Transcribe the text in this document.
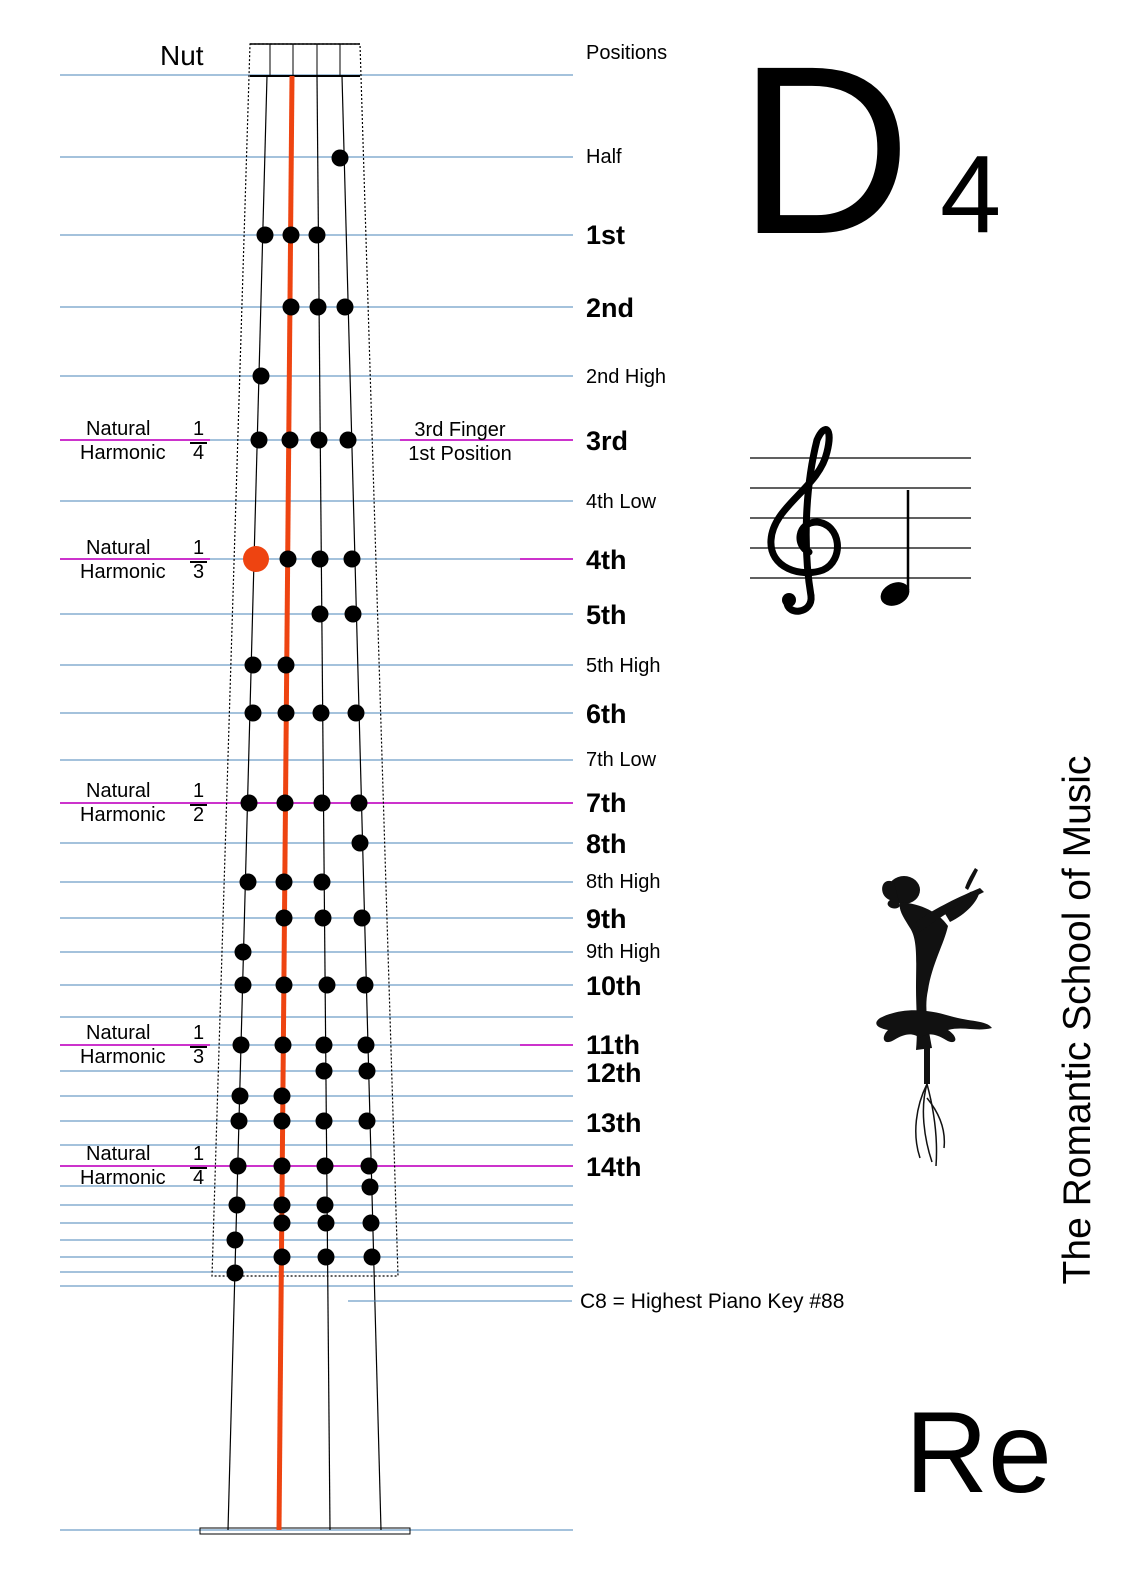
Nut	Positions
Half
1st
2nd
2nd High
3rd
4th Low
4th
5th
5th High
6th
7th Low
7th
8th
8th High
9th
9th High
10th
11th
12th
13th
14th
Natural
Harmonic
1
4
Natural
Harmonic
1
3
Natural
Harmonic
1
2
Natural
Harmonic
1
3
Natural
Harmonic
1
4
3rd Finger
1st Position
C8 = Highest Piano Key #88
D 4
The Romantic School of Music
Re
